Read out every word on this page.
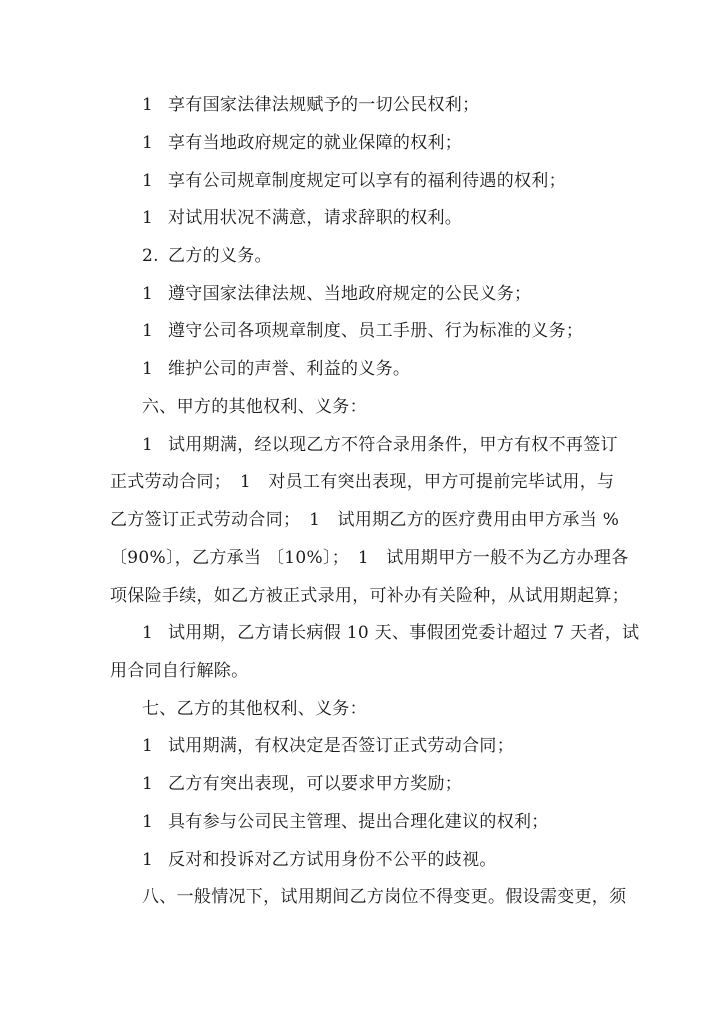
1 享有国家法律法规赋予的一切公民权利；
1 享有当地政府规定的就业保障的权利；
1 享有公司规章制度规定可以享有的福利待遇的权利；
1 对试用状况不满意，请求辞职的权利。
2. 乙方的义务。
1 遵守国家法律法规、当地政府规定的公民义务；
1 遵守公司各项规章制度、员工手册、行为标准的义务；
1 维护公司的声誉、利益的义务。
六、甲方的其他权利、义务：
1 试用期满，经以现乙方不符合录用条件，甲方有权不再签订
正式劳动合同；　1　对员工有突出表现，甲方可提前完毕试用，与
乙方签订正式劳动合同；　1　试用期乙方的医疗费用由甲方承当 %
〔90%〕，乙方承当 〔10%〕；　1　试用期甲方一般不为乙方办理各
项保险手续，如乙方被正式录用，可补办有关险种，从试用期起算；
1 试用期，乙方请长病假 10 天、事假团党委计超过 7 天者，试
用合同自行解除。
七、乙方的其他权利、义务：
1 试用期满，有权决定是否签订正式劳动合同；
1 乙方有突出表现，可以要求甲方奖励；
1 具有参与公司民主管理、提出合理化建议的权利；
1 反对和投诉对乙方试用身份不公平的歧视。
八、一般情况下，试用期间乙方岗位不得变更。假设需变更，须
